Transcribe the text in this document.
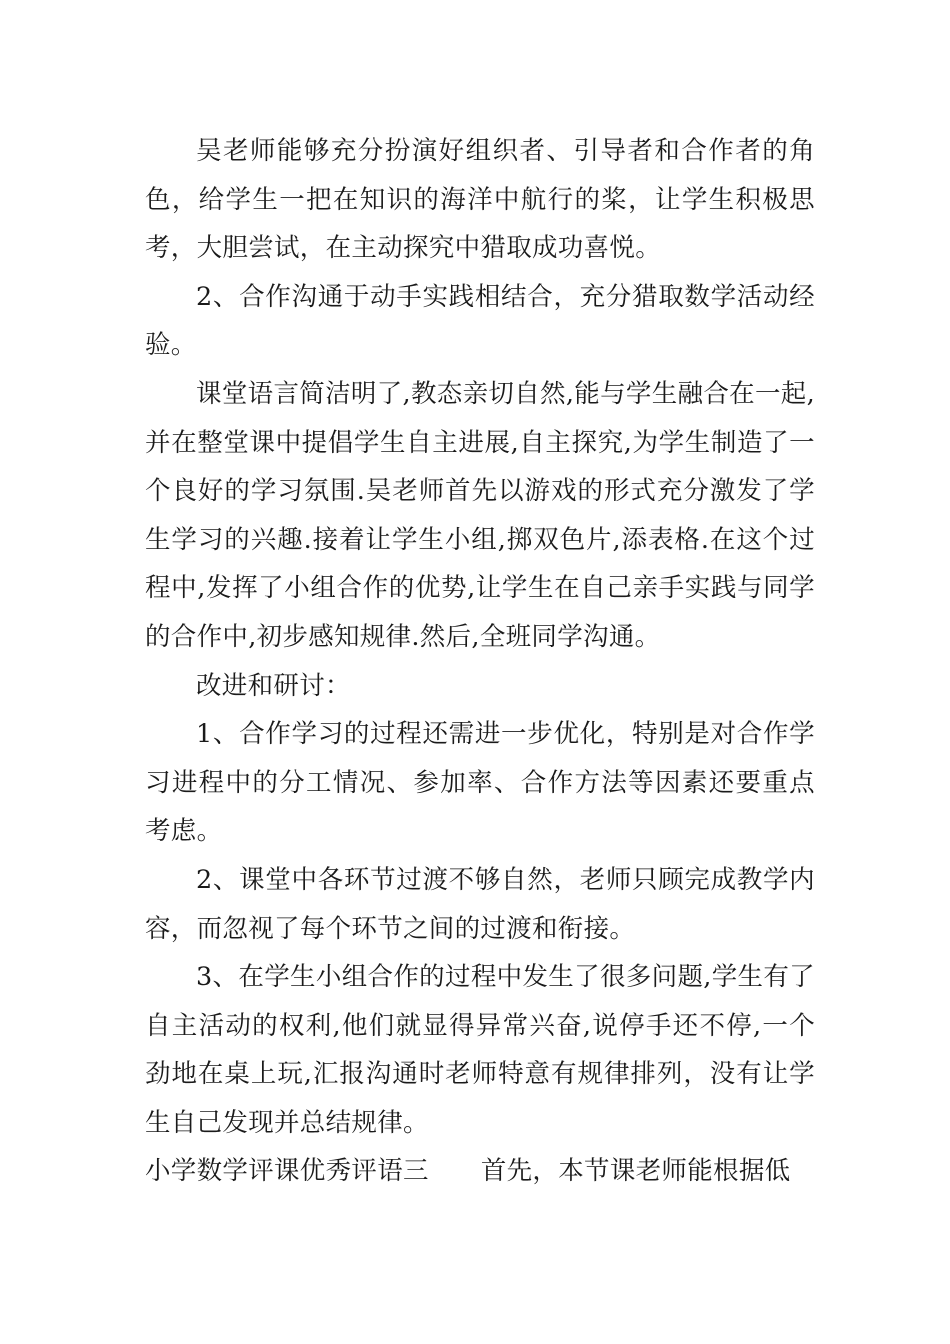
吴老师能够充分扮演好组织者、引导者和合作者的角色，给学生一把在知识的海洋中航行的桨，让学生积极思考，大胆尝试，在主动探究中猎取成功喜悦。

2、合作沟通于动手实践相结合，充分猎取数学活动经验。

课堂语言简洁明了,教态亲切自然,能与学生融合在一起,并在整堂课中提倡学生自主进展,自主探究,为学生制造了一个良好的学习氛围.吴老师首先以游戏的形式充分激发了学生学习的兴趣.接着让学生小组,掷双色片,添表格.在这个过程中,发挥了小组合作的优势,让学生在自己亲手实践与同学的合作中,初步感知规律.然后,全班同学沟通。

改进和研讨：

1、合作学习的过程还需进一步优化，特别是对合作学习进程中的分工情况、参加率、合作方法等因素还要重点考虑。

2、课堂中各环节过渡不够自然，老师只顾完成教学内容，而忽视了每个环节之间的过渡和衔接。

3、在学生小组合作的过程中发生了很多问题,学生有了自主活动的权利,他们就显得异常兴奋,说停手还不停,一个劲地在桌上玩,汇报沟通时老师特意有规律排列，没有让学生自己发现并总结规律。

小学数学评课优秀评语三 首先，本节课老师能根据低
